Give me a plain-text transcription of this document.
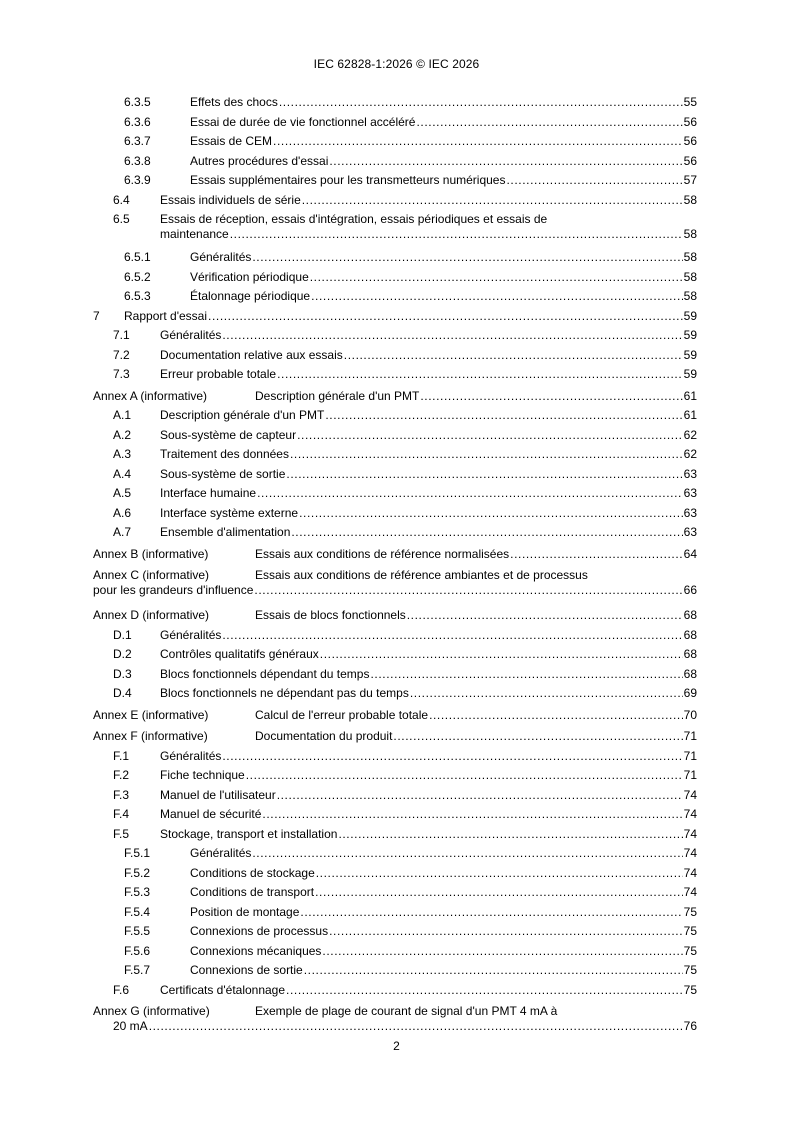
IEC 62828-1:2026 © IEC 2026
6.3.5	Effets des chocs .....	55
6.3.6	Essai de durée de vie fonctionnel accéléré .....	56
6.3.7	Essais de CEM .....	56
6.3.8	Autres procédures d'essai .....	56
6.3.9	Essais supplémentaires pour les transmetteurs numériques .....	57
6.4	Essais individuels de série .....	58
6.5	Essais de réception, essais d'intégration, essais périodiques et essais de
maintenance .....	58
6.5.1	Généralités .....	58
6.5.2	Vérification périodique .....	58
6.5.3	Étalonnage périodique .....	58
7 Rapport d'essai .....	59
7.1	Généralités .....	59
7.2	Documentation relative aux essais .....	59
7.3	Erreur probable totale .....	59
Annex A (informative)	Description générale d'un PMT .....	61
A.1 Description générale d'un PMT .....	61
A.2 Sous-système de capteur .....	62
A.3 Traitement des données .....	62
A.4 Sous-système de sortie .....	63
A.5 Interface humaine .....	63
A.6 Interface système externe .....	63
A.7 Ensemble d'alimentation .....	63
Annex B (informative)	Essais aux conditions de référence normalisées .....	64
Annex C (informative)	Essais aux conditions de référence ambiantes et de processus
pour les grandeurs d'influence .....	66
Annex D (informative)	Essais de blocs fonctionnels .....	68
D.1 Généralités .....	68
D.2 Contrôles qualitatifs généraux .....	68
D.3 Blocs fonctionnels dépendant du temps .....	68
D.4 Blocs fonctionnels ne dépendant pas du temps .....	69
Annex E (informative)	Calcul de l'erreur probable totale .....	70
Annex F (informative)	Documentation du produit .....	71
F.1	Généralités .....	71
F.2	Fiche technique .....	71
F.3	Manuel de l'utilisateur .....	74
F.4	Manuel de sécurité .....	74
F.5	Stockage, transport et installation .....	74
F.5.1	Généralités .....	74
F.5.2	Conditions de stockage .....	74
F.5.3	Conditions de transport .....	74
F.5.4	Position de montage .....	75
F.5.5	Connexions de processus .....	75
F.5.6	Connexions mécaniques .....	75
F.5.7	Connexions de sortie .....	75
F.6	Certificats d'étalonnage .....	75
Annex G (informative)	Exemple de plage de courant de signal d'un PMT 4 mA à
20 mA .....	76
2
